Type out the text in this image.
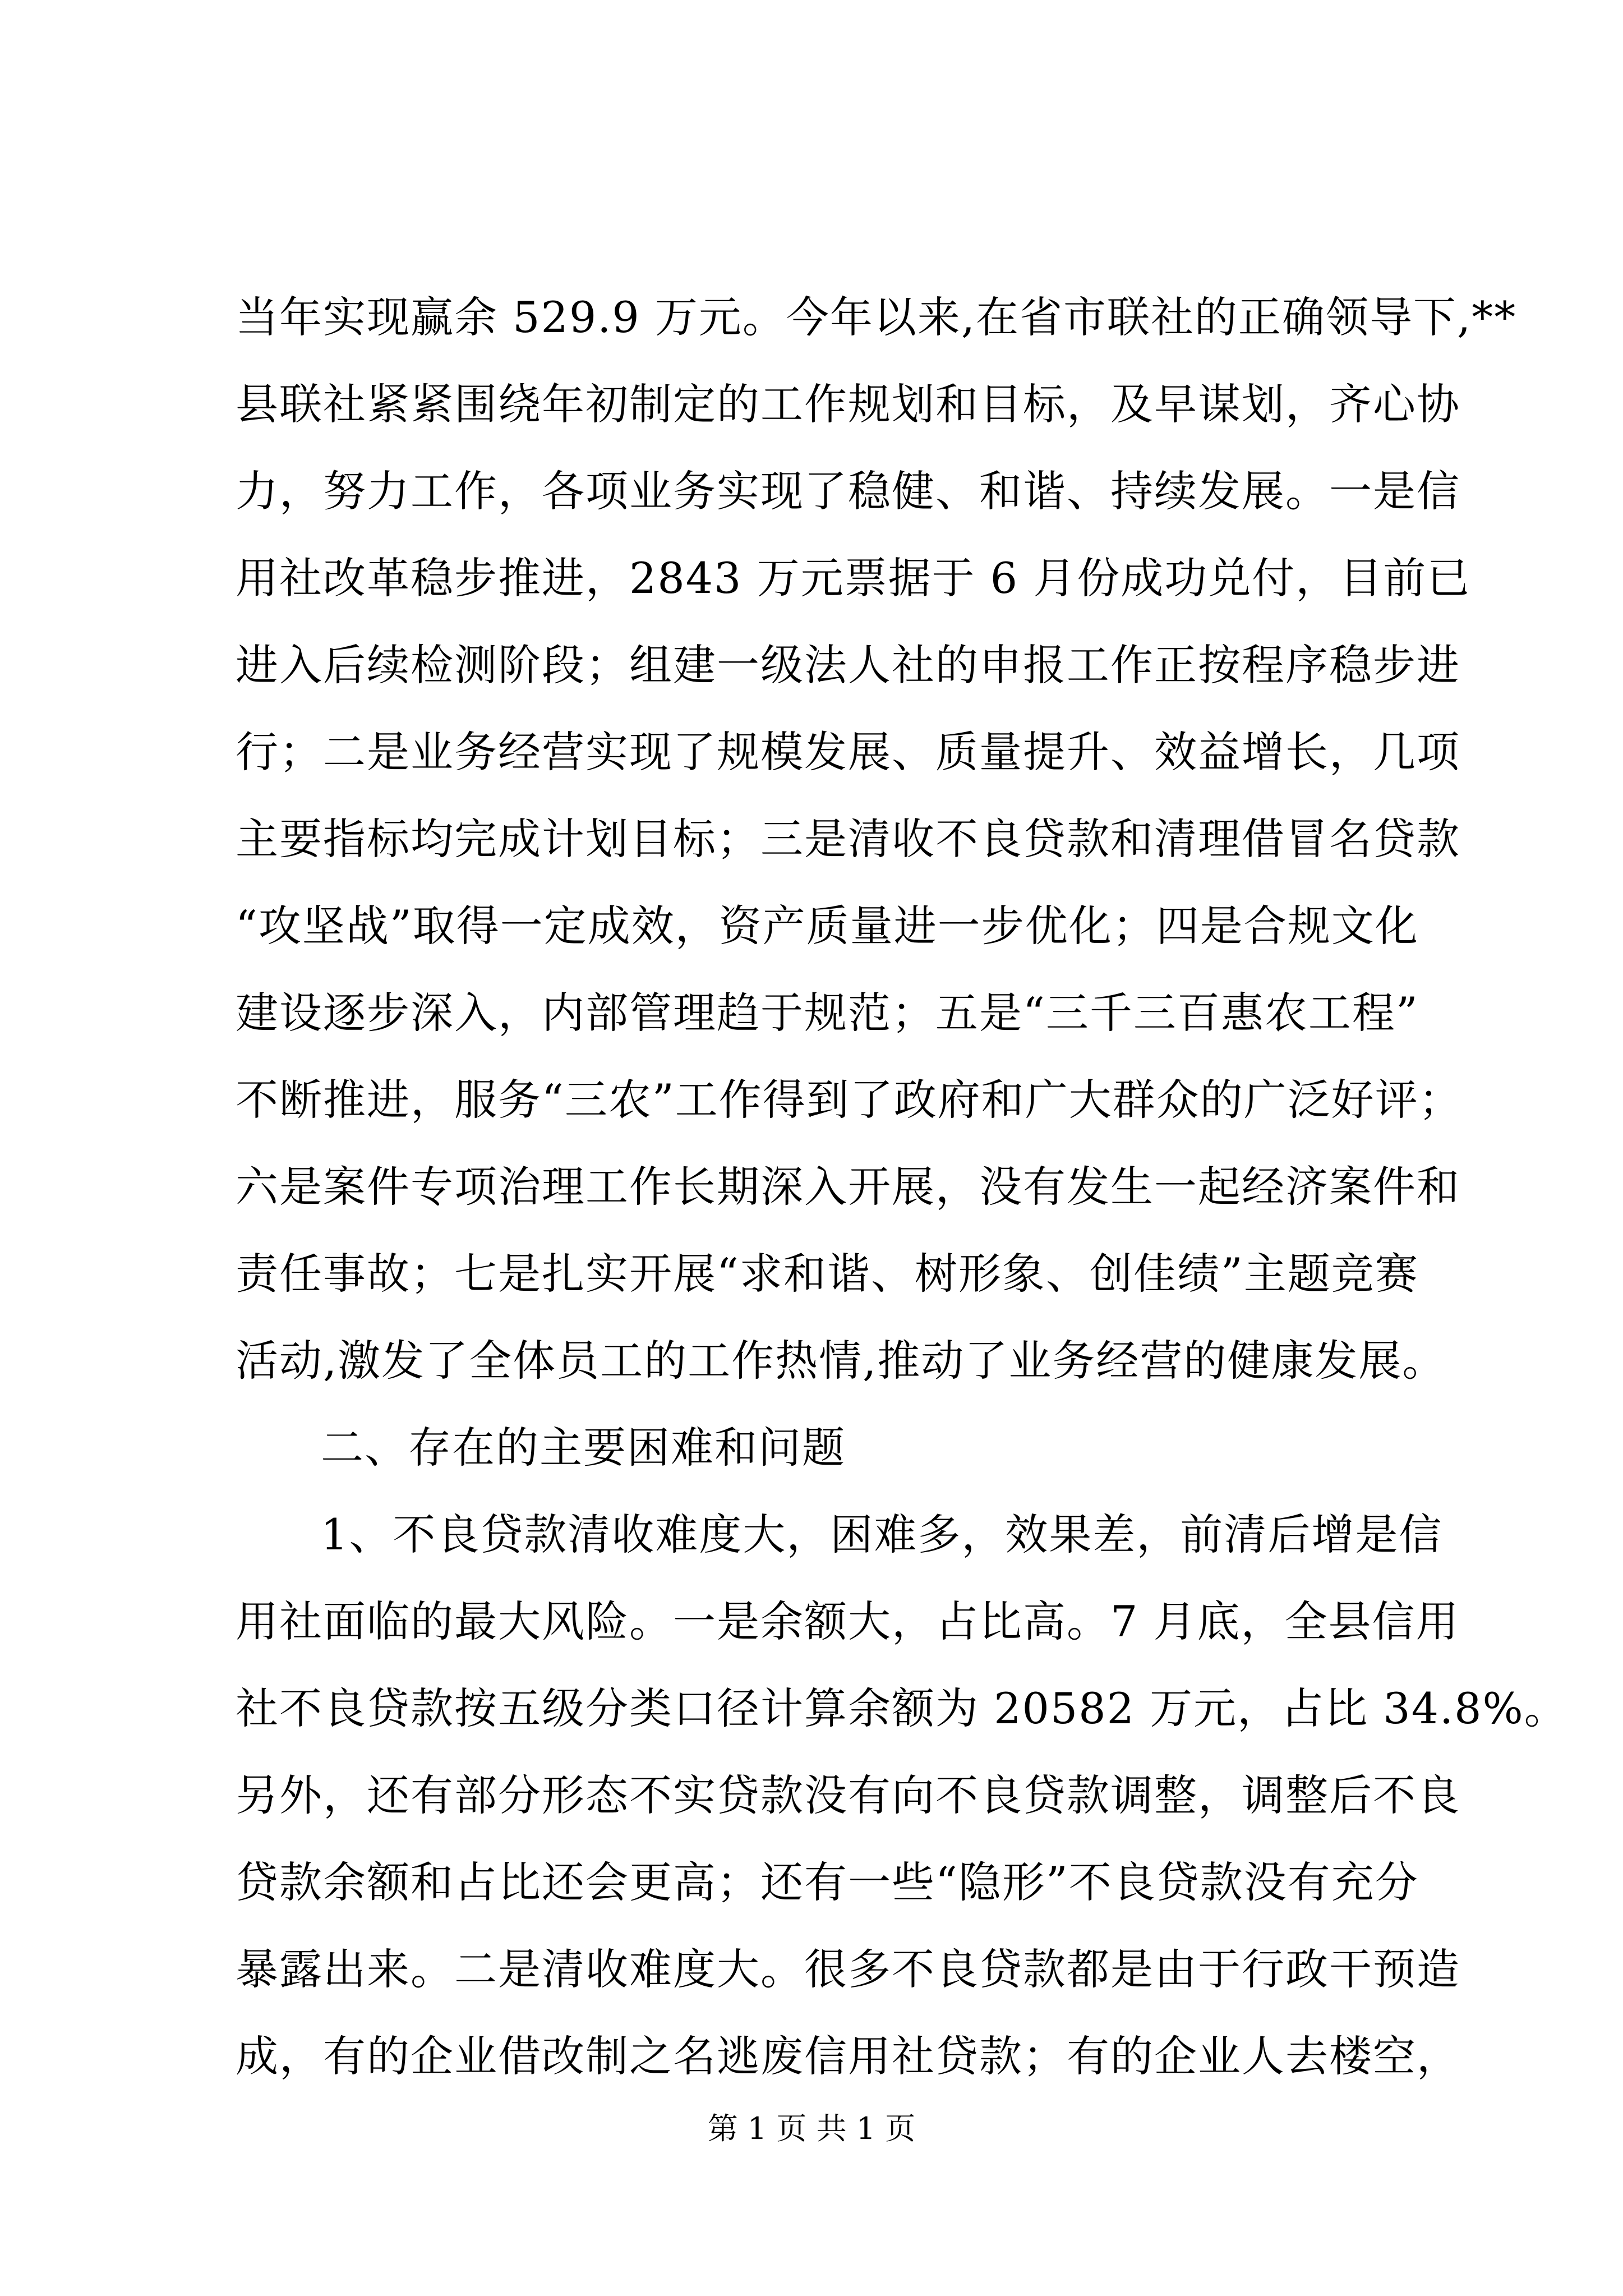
当年实现赢余 529.9 万元。今年以来,在省市联社的正确领导下,**
县联社紧紧围绕年初制定的工作规划和目标，及早谋划，齐心协
力，努力工作，各项业务实现了稳健、和谐、持续发展。一是信
用社改革稳步推进，2843 万元票据于 6 月份成功兑付，目前已
进入后续检测阶段；组建一级法人社的申报工作正按程序稳步进
行；二是业务经营实现了规模发展、质量提升、效益增长，几项
主要指标均完成计划目标；三是清收不良贷款和清理借冒名贷款
“攻坚战”取得一定成效，资产质量进一步优化；四是合规文化
建设逐步深入，内部管理趋于规范；五是“三千三百惠农工程”
不断推进，服务“三农”工作得到了政府和广大群众的广泛好评；
六是案件专项治理工作长期深入开展，没有发生一起经济案件和
责任事故；七是扎实开展“求和谐、树形象、创佳绩”主题竞赛
活动,激发了全体员工的工作热情,推动了业务经营的健康发展。
二、存在的主要困难和问题
1、不良贷款清收难度大，困难多，效果差，前清后增是信
用社面临的最大风险。一是余额大，占比高。7 月底，全县信用
社不良贷款按五级分类口径计算余额为 20582 万元，占比 34.8%。
另外，还有部分形态不实贷款没有向不良贷款调整，调整后不良
贷款余额和占比还会更高；还有一些“隐形”不良贷款没有充分
暴露出来。二是清收难度大。很多不良贷款都是由于行政干预造
成，有的企业借改制之名逃废信用社贷款；有的企业人去楼空，
第 1 页 共 1 页
